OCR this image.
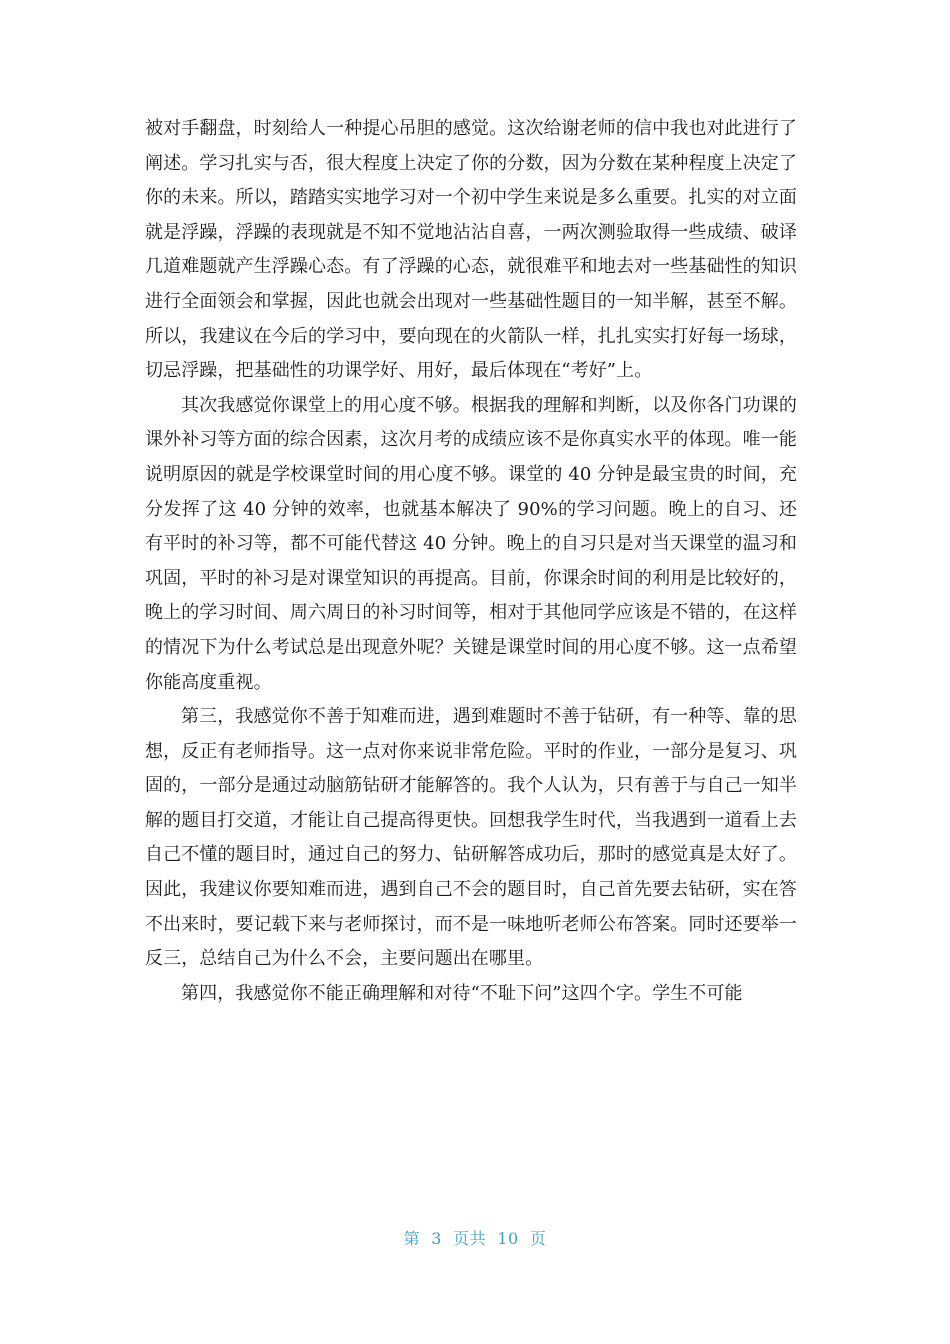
被对手翻盘，时刻给人一种提心吊胆的感觉。这次给谢老师的信中我也对此进行了阐述。学习扎实与否，很大程度上决定了你的分数，因为分数在某种程度上决定了你的未来。所以，踏踏实实地学习对一个初中学生来说是多么重要。扎实的对立面就是浮躁，浮躁的表现就是不知不觉地沾沾自喜，一两次测验取得一些成绩、破译几道难题就产生浮躁心态。有了浮躁的心态，就很难平和地去对一些基础性的知识进行全面领会和掌握，因此也就会出现对一些基础性题目的一知半解，甚至不解。所以，我建议在今后的学习中，要向现在的火箭队一样，扎扎实实打好每一场球，切忌浮躁，把基础性的功课学好、用好，最后体现在“考好”上。

其次我感觉你课堂上的用心度不够。根据我的理解和判断，以及你各门功课的课外补习等方面的综合因素，这次月考的成绩应该不是你真实水平的体现。唯一能说明原因的就是学校课堂时间的用心度不够。课堂的 40 分钟是最宝贵的时间，充分发挥了这 40 分钟的效率，也就基本解决了 90%的学习问题。晚上的自习、还有平时的补习等，都不可能代替这 40 分钟。晚上的自习只是对当天课堂的温习和巩固，平时的补习是对课堂知识的再提高。目前，你课余时间的利用是比较好的，晚上的学习时间、周六周日的补习时间等，相对于其他同学应该是不错的，在这样的情况下为什么考试总是出现意外呢？关键是课堂时间的用心度不够。这一点希望你能高度重视。

第三，我感觉你不善于知难而进，遇到难题时不善于钻研，有一种等、靠的思想，反正有老师指导。这一点对你来说非常危险。平时的作业，一部分是复习、巩固的，一部分是通过动脑筋钻研才能解答的。我个人认为，只有善于与自己一知半解的题目打交道，才能让自己提高得更快。回想我学生时代，当我遇到一道看上去自己不懂的题目时，通过自己的努力、钻研解答成功后，那时的感觉真是太好了。因此，我建议你要知难而进，遇到自己不会的题目时，自己首先要去钻研，实在答不出来时，要记载下来与老师探讨，而不是一味地听老师公布答案。同时还要举一反三，总结自己为什么不会，主要问题出在哪里。

第四，我感觉你不能正确理解和对待“不耻下问”这四个字。学生不可能

第  3  页共  10  页
